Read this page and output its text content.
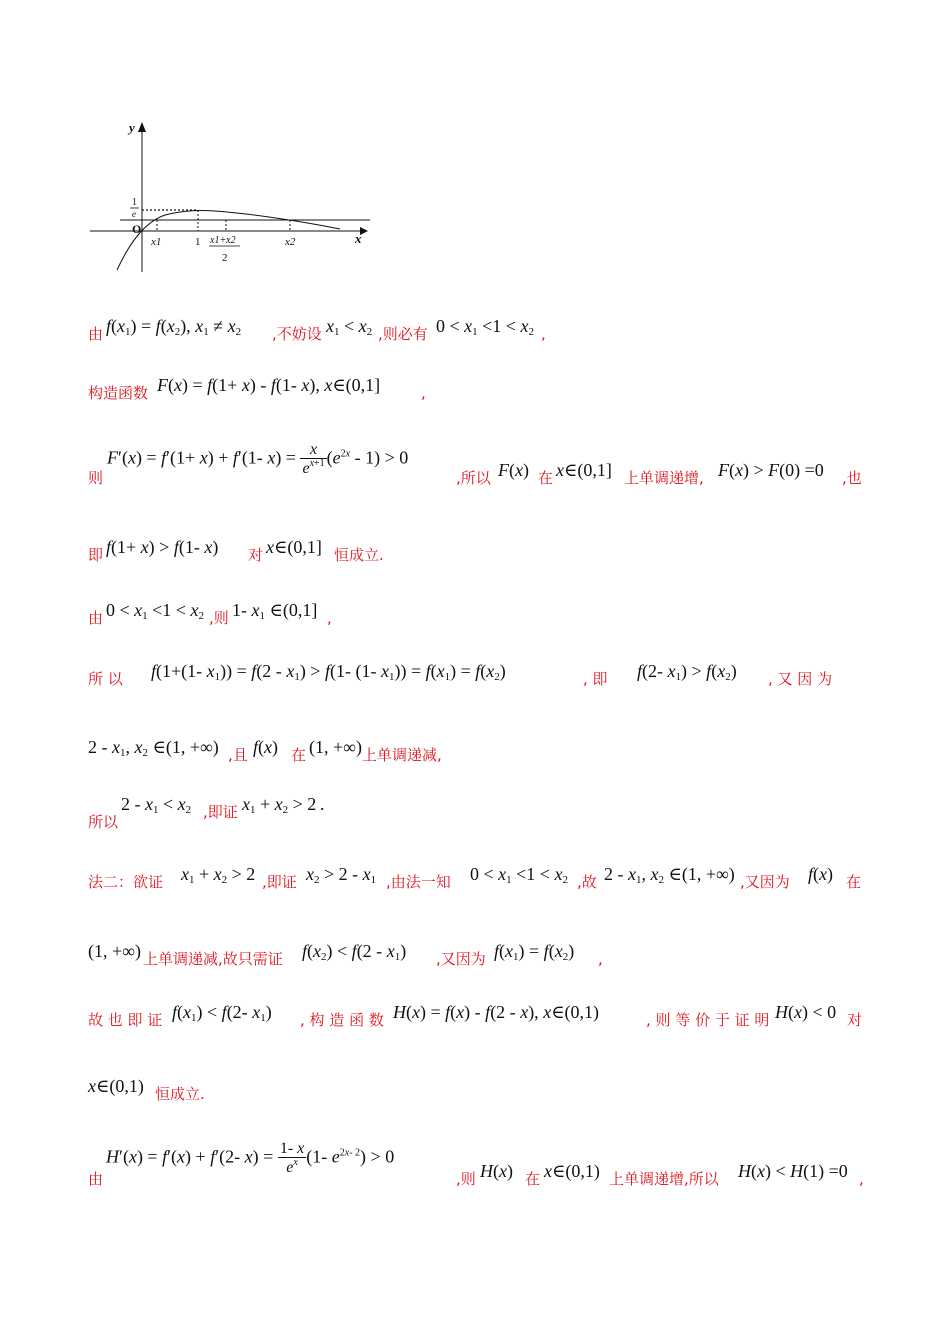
y
x
O
1
e
x1	1 x1+x2
2
x2
由 $f(x_1) = f(x_2)$, $x_1 \ne x_2$ ,不妨设 $x_1 < x_2$ ,则必有 $0 < x_1 <1 < x_2$ ,
构造函数 F(x) = f(1+ x) - f(1- x), x∈(0,1]	,
则
F′(x) = f′(1+ x) + f′(1- $x) = \frac{x}{e^{x+1}} (e^{2x} - 1) > 0$
,所以 F(x) 在 x∈(0,1] 上单调递增, F(x) > F(0) =0 ,也
即 f(1+ x) > f(1- x) 对 x∈(0,1] 恒成立.
由 $0 < x_1 <1 < x_2$ ,则 1- $x_1$ ∈(0,1] ,
所 以 f(1+(1- $x_1)) = f(2 - x_1) > f(1-$ (1- $x_1)) = f(x_1) = f(x_2)$	, 即 f(2- $x_1) > f(x_2)$ , 又 因 为
$2 - x_1$, $x_2$ ∈(1, +∞) ,且 f(x) 在 (1, +∞) 上单调递减,
所以
$2 - x_1 < x_2$ ,即证 $x_1 + x_2 > 2$ .
法二：欲证 $x_1 + x_2 > 2$ ,即证 $x_2 > 2 - x_1$ ,由法一知 $0 < x_1 <1 < x_2$ ,故 $2 - x_1$, $x_2$ ∈(1, +∞) ,又因为 f(x) 在
(1, +∞) 上单调递减,故只需证 $f(x_2) < f(2 - x_1)$ ,又因为 $f(x_1) = f(x_2)$ ,
故 也 即 证 $f(x_1) < f(2-$ $x_1$) , 构 造 函 数 H(x) = f(x) - f(2 - x), x∈(0,1)	, 则 等 价 于 证 明 H(x) < 0 对
x∈(0,1) 恒成立.
由
H′(x) = f′(x) + f′(2- $x) = \frac{1- x}{e^x} (1-$ $e^{2x- 2}) > 0$
,则 H(x) 在 x∈(0,1) 上单调递增,所以 H(x) < H(1) =0 ,
